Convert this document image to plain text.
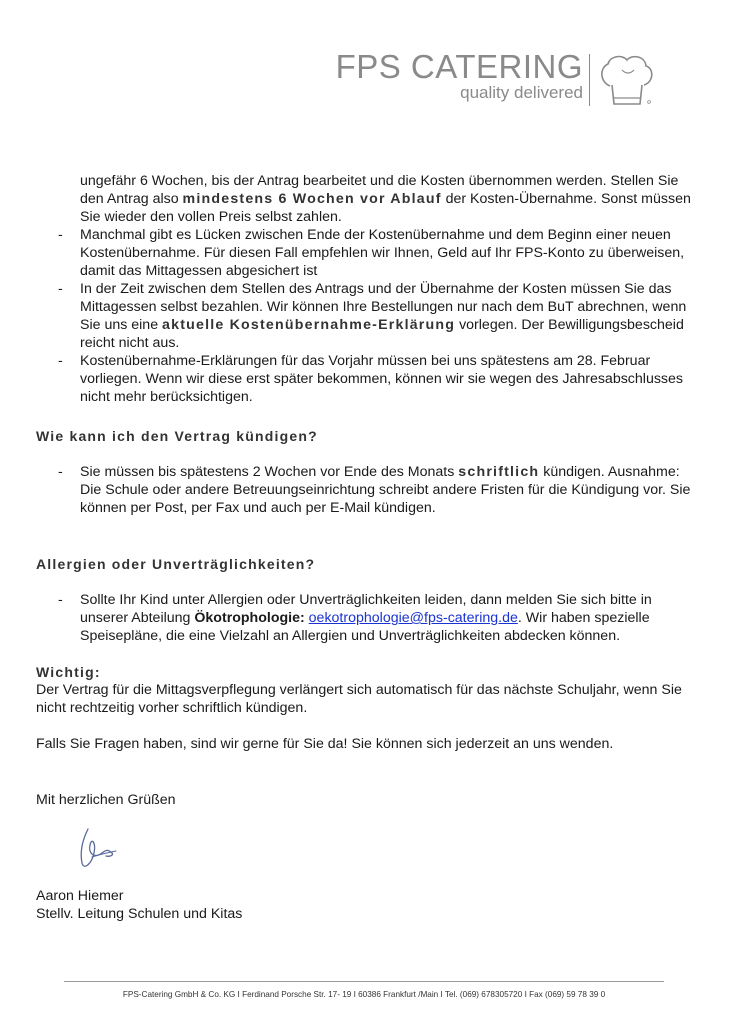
FPS CATERING
quality delivered
ungefähr 6 Wochen, bis der Antrag bearbeitet und die Kosten übernommen werden. Stellen Sie den Antrag also mindestens 6 Wochen vor Ablauf der Kosten-Übernahme. Sonst müssen Sie wieder den vollen Preis selbst zahlen.
- Manchmal gibt es Lücken zwischen Ende der Kostenübernahme und dem Beginn einer neuen Kostenübernahme. Für diesen Fall empfehlen wir Ihnen, Geld auf Ihr FPS-Konto zu überweisen, damit das Mittagessen abgesichert ist
- In der Zeit zwischen dem Stellen des Antrags und der Übernahme der Kosten müssen Sie das Mittagessen selbst bezahlen. Wir können Ihre Bestellungen nur nach dem BuT abrechnen, wenn Sie uns eine aktuelle Kostenübernahme-Erklärung vorlegen. Der Bewilligungsbescheid reicht nicht aus.
- Kostenübernahme-Erklärungen für das Vorjahr müssen bei uns spätestens am 28. Februar vorliegen. Wenn wir diese erst später bekommen, können wir sie wegen des Jahresabschlusses nicht mehr berücksichtigen.
Wie kann ich den Vertrag kündigen?
- Sie müssen bis spätestens 2 Wochen vor Ende des Monats schriftlich kündigen. Ausnahme: Die Schule oder andere Betreuungseinrichtung schreibt andere Fristen für die Kündigung vor. Sie können per Post, per Fax und auch per E-Mail kündigen.
Allergien oder Unverträglichkeiten?
- Sollte Ihr Kind unter Allergien oder Unverträglichkeiten leiden, dann melden Sie sich bitte in unserer Abteilung Ökotrophologie: oekotrophologie@fps-catering.de. Wir haben spezielle Speisepläne, die eine Vielzahl an Allergien und Unverträglichkeiten abdecken können.
Wichtig:
Der Vertrag für die Mittagsverpflegung verlängert sich automatisch für das nächste Schuljahr, wenn Sie nicht rechtzeitig vorher schriftlich kündigen.
Falls Sie Fragen haben, sind wir gerne für Sie da! Sie können sich jederzeit an uns wenden.
Mit herzlichen Grüßen
Aaron Hiemer
Stellv. Leitung Schulen und Kitas
FPS-Catering GmbH & Co. KG I Ferdinand Porsche Str. 17- 19 I 60386 Frankfurt /Main I Tel. (069) 678305720 I Fax (069) 59 78 39 0
